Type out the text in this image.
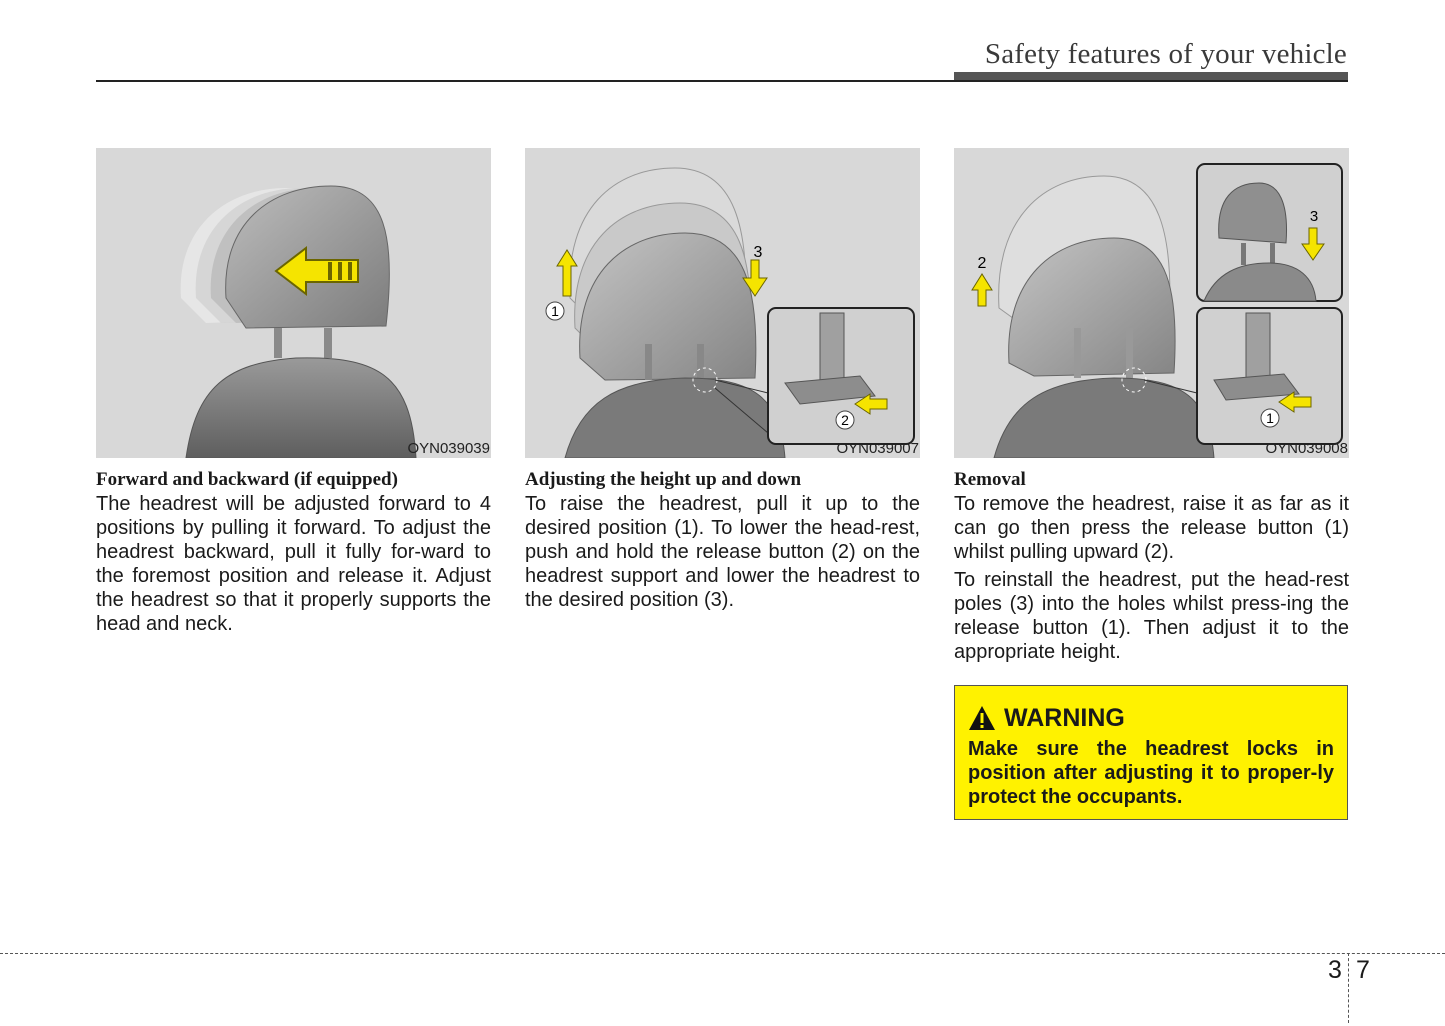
Safety features of your vehicle
OYN039039
Forward and backward (if equipped)

The headrest will be adjusted forward to 4 positions by pulling it forward. To adjust the headrest backward, pull it fully for-ward to the foremost position and release it. Adjust the headrest so that it properly supports the head and neck.

1
3
2
OYN039007
Adjusting the height up and down

To raise the headrest, pull it up to the desired position (1). To lower the head-rest, push and hold the release button (2) on the headrest support and lower the headrest to the desired position (3).

2
3
1
OYN039008
Removal

To remove the headrest, raise it as far as it can go then press the release button (1) whilst pulling upward (2).

To reinstall the headrest, put the head-rest poles (3) into the holes whilst press-ing the release button (1). Then adjust it to the appropriate height.

WARNING
Make sure the headrest locks in position after adjusting it to proper-ly protect the occupants.
3 7
